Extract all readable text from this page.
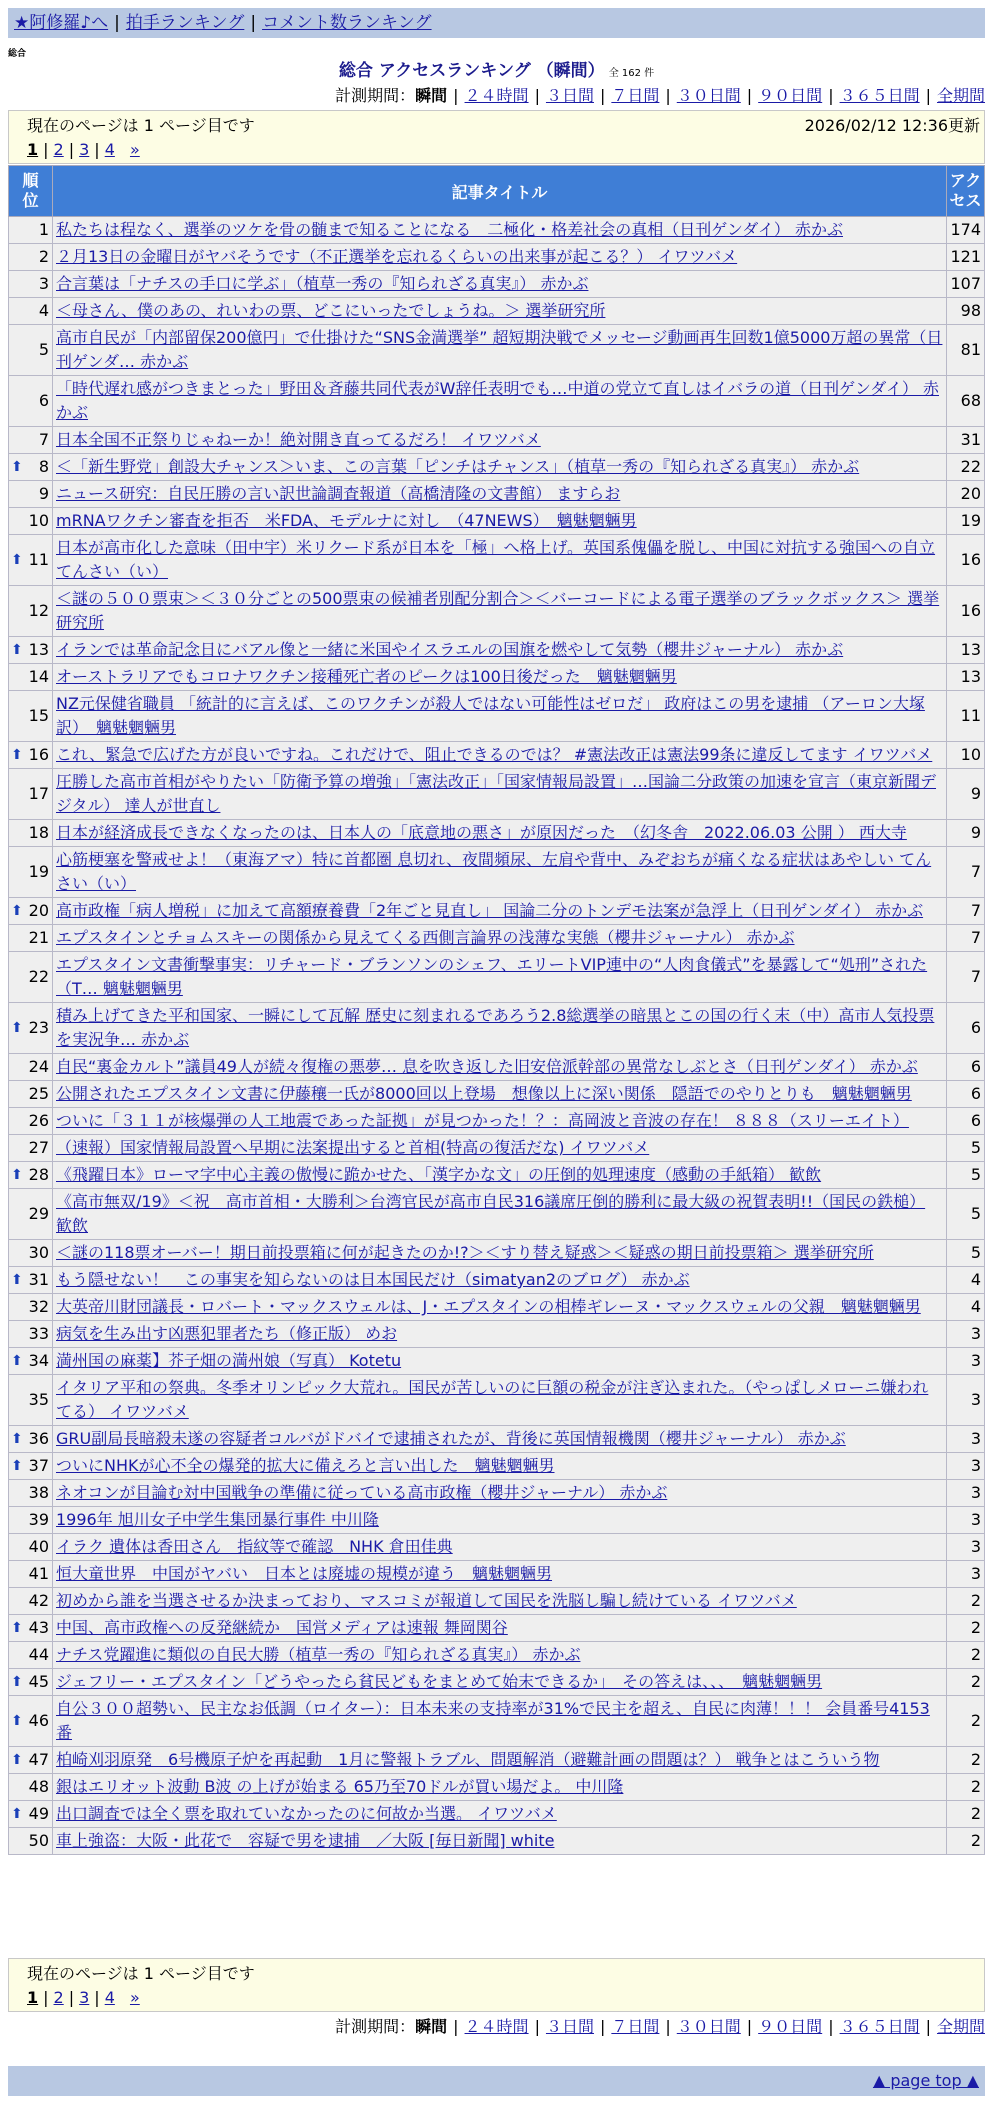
★阿修羅♪へ | 拍手ランキング | コメント数ランキング
総合
総合 アクセスランキング （瞬間） 全 162 件
計測期間：瞬間 | ２４時間 | ３日間 | ７日間 | ３０日間 | ９０日間 | ３６５日間 | 全期間
現在のページは 1 ページ目です	2026/02/12 12:36更新
1 | 2 | 3 | 4 »
順位	記事タイトル	アクセス
1	私たちは程なく、選挙のツケを骨の髄まで知ることになる　二極化・格差社会の真相（日刊ゲンダイ） 赤かぶ	174
2	２月13日の金曜日がヤバそうです（不正選挙を忘れるくらいの出来事が起こる？） イワツバメ	121
3	合言葉は「ナチスの手口に学ぶ」（植草一秀の『知られざる真実』） 赤かぶ	107
4	＜母さん、僕のあの、れいわの票、どこにいったでしょうね。＞ 選挙研究所	98
5	高市自民が「内部留保200億円」で仕掛けた“SNS金満選挙” 超短期決戦でメッセージ動画再生回数1億5000万超の異常（日刊ゲンダ… 赤かぶ	81
6	「時代遅れ感がつきまとった」野田＆斉藤共同代表がW辞任表明でも…中道の党立て直しはイバラの道（日刊ゲンダイ） 赤かぶ	68
7	日本全国不正祭りじゃねーか！絶対開き直ってるだろ！ イワツバメ	31

⬆ 8	＜「新生野党」創設大チャンス＞いま、この言葉「ピンチはチャンス」（植草一秀の『知られざる真実』） 赤かぶ	22
9	ニュース研究：自民圧勝の言い訳世論調査報道（高橋清隆の文書館） ますらお	20
10	mRNAワクチン審査を拒否　米FDA、モデルナに対し　（47NEWS）　魑魅魍魎男	19

⬆ 11	日本が高市化した意味（田中宇）米リクード系が日本を「極」へ格上げ。英国系傀儡を脱し、中国に対抗する強国への自立てんさい（い）	16
12	＜謎の５００票束＞＜３０分ごとの500票束の候補者別配分割合＞＜バーコードによる電子選挙のブラックボックス＞ 選挙研究所	16

⬆ 13	イランでは革命記念日にバアル像と一緒に米国やイスラエルの国旗を燃やして気勢（櫻井ジャーナル） 赤かぶ	13
14	オーストラリアでもコロナワクチン接種死亡者のピークは100日後だった　魑魅魍魎男	13
15	NZ元保健省職員 「統計的に言えば、このワクチンが殺人ではない可能性はゼロだ」 政府はこの男を逮捕 （アーロン大塚訳）　魑魅魍魎男	11

⬆ 16	これ、緊急で広げた方が良いですね。これだけで、阻止できるのでは？ #憲法改正は憲法99条に違反してます イワツバメ	10
17	圧勝した高市首相がやりたい「防衛予算の増強」「憲法改正」「国家情報局設置」…国論二分政策の加速を宣言（東京新聞デジタル） 達人が世直し	9
18	日本が経済成長できなくなったのは、日本人の「底意地の悪さ」が原因だった　（幻冬舎　2022.06.03 公開 ） 西大寺	9
19	心筋梗塞を警戒せよ！（東海アマ）特に首都圏 息切れ、夜間頻尿、左肩や背中、みぞおちが痛くなる症状はあやしい てんさい（い）	7

⬆ 20	高市政権「病人増税」に加えて高額療養費「2年ごと見直し」 国論二分のトンデモ法案が急浮上（日刊ゲンダイ） 赤かぶ	7
21	エプスタインとチョムスキーの関係から見えてくる西側言論界の浅薄な実態（櫻井ジャーナル） 赤かぶ	7
22	エプスタイン文書衝撃事実：リチャード・ブランソンのシェフ、エリートVIP連中の“人肉食儀式”を暴露して“処刑”された（T… 魑魅魍魎男	7

⬆ 23	積み上げてきた平和国家、一瞬にして瓦解 歴史に刻まれるであろう2.8総選挙の暗黒とこの国の行く末（中）高市人気投票を実況争… 赤かぶ	6
24	自民“裏金カルト”議員49人が続々復権の悪夢… 息を吹き返した旧安倍派幹部の異常なしぶとさ（日刊ゲンダイ） 赤かぶ	6
25	公開されたエプスタイン文書に伊藤穰一氏が8000回以上登場　想像以上に深い関係　隠語でのやりとりも　魑魅魍魎男	6
26	ついに「３１１が核爆弾の人工地震であった証拠」が見つかった！？：高岡波と音波の存在！ ８８８（スリーエイト）	6
27	（速報）国家情報局設置へ早期に法案提出すると首相(特高の復活だな) イワツバメ	5

⬆ 28	《飛躍日本》ローマ字中心主義の傲慢に跪かせた、「漢字かな文」の圧倒的処理速度（感動の手紙箱） 歓飲	5
29	《高市無双/19》＜祝　高市首相・大勝利＞台湾官民が高市自民316議席圧倒的勝利に最大級の祝賀表明!!（国民の鉄槌） 歓飲	5
30	＜謎の118票オーバー！期日前投票箱に何が起きたのか!?＞＜すり替え疑惑＞＜疑惑の期日前投票箱＞ 選挙研究所	5

⬆ 31	もう隠せない！　この事実を知らないのは日本国民だけ（simatyan2のブログ） 赤かぶ	4
32	大英帝川財団議長・ロバート・マックスウェルは、J・エプスタインの相棒ギレーヌ・マックスウェルの父親　魑魅魍魎男	4
33	病気を生み出す凶悪犯罪者たち（修正版） めお	3

⬆ 34	満州国の麻薬】芥子畑の満州娘（写真） Kotetu	3
35	イタリア平和の祭典。冬季オリンピック大荒れ。国民が苦しいのに巨額の税金が注ぎ込まれた。（やっぱしメローニ嫌われてる） イワツバメ	3

⬆ 36	GRU副局長暗殺未遂の容疑者コルバがドバイで逮捕されたが、背後に英国情報機関（櫻井ジャーナル） 赤かぶ	3

⬆ 37	ついにNHKが心不全の爆発的拡大に備えろと言い出した　魑魅魍魎男	3
38	ネオコンが目論む対中国戦争の準備に従っている高市政権（櫻井ジャーナル） 赤かぶ	3
39	1996年 旭川女子中学生集団暴行事件 中川隆	3
40	イラク 遺体は香田さん　指紋等で確認　NHK 倉田佳典	3
41	恒大童世界　中国がヤバい　日本とは廃墟の規模が違う　魑魅魍魎男	3
42	初めから誰を当選させるか決まっており、マスコミが報道して国民を洗脳し騙し続けている イワツバメ	2

⬆ 43	中国、高市政権への反発継続か　国営メディアは速報 舞岡関谷	2
44	ナチス党躍進に類似の自民大勝（植草一秀の『知られざる真実』） 赤かぶ	2

⬆ 45	ジェフリー・エプスタイン「どうやったら貧民どもをまとめて始末できるか」　その答えは、、、　魑魅魍魎男	2

⬆ 46	自公３００超勢い、民主なお低調（ロイター）：日本未来の支持率が31%で民主を超え、自民に肉薄！！！ 会員番号4153番	2

⬆ 47	柏崎刈羽原発　6号機原子炉を再起動　1月に警報トラブル、問題解消（避難計画の問題は？） 戦争とはこういう物	2
48	銀はエリオット波動 B波 の上げが始まる 65乃至70ドルが買い場だよ。 中川隆	2

⬆ 49	出口調査では全く票を取れていなかったのに何故か当選。 イワツバメ	2
50	車上強盗：大阪・此花で　容疑で男を逮捕　／大阪 [毎日新聞] white	2
現在のページは 1 ページ目です
1 | 2 | 3 | 4 »
計測期間：瞬間 | ２４時間 | ３日間 | ７日間 | ３０日間 | ９０日間 | ３６５日間 | 全期間
▲ page top ▲
